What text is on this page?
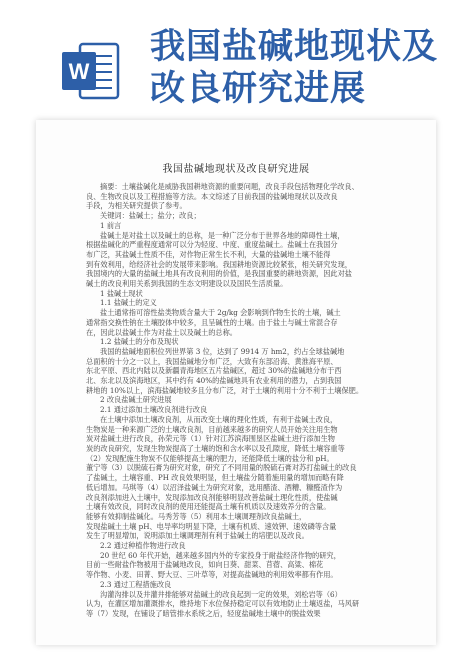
W
我国盐碱地现状及改良研究进展
我国盐碱地现状及改良研究进展
摘要：土壤盐碱化是威胁我国耕地资源的重要问题，改良手段包括物理化学改良、
良、生物改良以及工程措施等方法。本文综述了目前我国的盐碱地现状以及改良
手段，为相关研究提供了参考。
关键词：盐碱土；盐分；改良；
1 前言
盐碱土是对盐土以及碱土的总称，是一种广泛分布于世界各地的障碍性土壤，
根据盐碱化的严重程度通常可以分为轻度、中度、重度盐碱土。盐碱土在我国分
布广泛，其盐碱土性质不佳，对作物正常生长不利，大量的盐碱地土壤不能得
到有效利用，给经济社会的发展带来影响。我国耕地资源比较紧张，相关研究发现，
我国境内的大量的盐碱土地具有改良利用的价值，是我国重要的耕地资源，因此对盐
碱土的改良利用关系到我国的生态文明建设以及国民生活质量。
1 盐碱土现状
1.1 盐碱土的定义
盐土通常指可溶性盐类物质含量大于 2g/kg 会影响到作物生长的土壤，碱土
通常指交换性钠在土壤胶体中较多，且呈碱性的土壤。由于盐土与碱土常混合存
在，因此以盐碱土作为对盐土以及碱土的总称。
1.2 盐碱土的分布及现状
我国的盐碱地面积位列世界第 3 位，达到了 9914 万 hm2，约占全球盐碱地
总面积的十分之一以上，我国盐碱地分布广泛，大致有东部沿海、黄淮海平原、
东北平原、西北内陆以及新疆青海地区五片盐碱区，超过 30%的盐碱地分布于西
北、东北以及滨海地区，其中约有 40%的盐碱地具有农业利用的潜力，占到我国
耕地的 10%以上，滨海盐碱地较多且分布广泛，对于土壤的利用十分不利于土壤保肥。
2 改良盐碱土研究进展
2.1 通过添加土壤改良剂进行改良
在土壤中添加土壤改良剂，从而改变土壤的理化性质，有利于盐碱土改良，
生物炭是一种来源广泛的土壤改良剂，目前越来越多的研究人员开始关注用生物
炭对盐碱土进行改良，孙荣元等（1）针对江苏滨海围垦区盐碱土进行添加生物
炭的改良研究，发现生物炭提高了土壤的饱和含水率以及孔隙度，降低土壤容重等
（2）发现配施生物炭不仅能够提高土壤的肥力，还能降低土壤的盐分和 pH。
董宁等（3）以脱硫石膏为研究对象，研究了不同用量的脱硫石膏对苏打盐碱土的改良
了盐碱土，土壤容重、PH 改良效果明显，但土壤盐分随着施用量的增加而略有降
低后增加。马琪等（4）以沼泽盐碱土为研究对象，选用醋渣、酒糟、糠醛渣作为
改良剂添加进入土壤中，发现添加改良剂能够明显改善盐碱土理化性质，使盐碱
土壤有效改良，同时改良剂的使用还能提高土壤有机质以及速效养分的含量。
能够有效抑制盐碱化。马秀芳等（5）利用本土壤调理剂改良盐碱土，
发现盐碱土土壤 pH、电导率均明显下降，土壤有机质、速效钾、速效磷等含量
发生了明显增加，说明添加土壤调理剂有利于盐碱土的培肥以及改良。
2.2 通过种植作物进行改良
20 世纪 60 年代开始，越来越多国内外的专家投身于耐盐经济作物的研究，
目前一些耐盐作物被用于盐碱地改良，如向日葵、甜菜、苜蓿、高粱、棉花
等作物、小麦、田菁、野大豆、三叶草等，对提高盐碱地的利用效率都有作用。
2.3 通过工程措施改良
沟灌沟排以及井灌井排能够对盐碱土的改良起到一定的效果，刘松岩等（6）
认为，在灌区增加灌溉排水，维持地下水位保持稳定可以有效地防止土壤返盐，马风研
等（7）发现，在铺设了暗管排水系统之后，轻度盐碱地土壤中的脱盐效果
